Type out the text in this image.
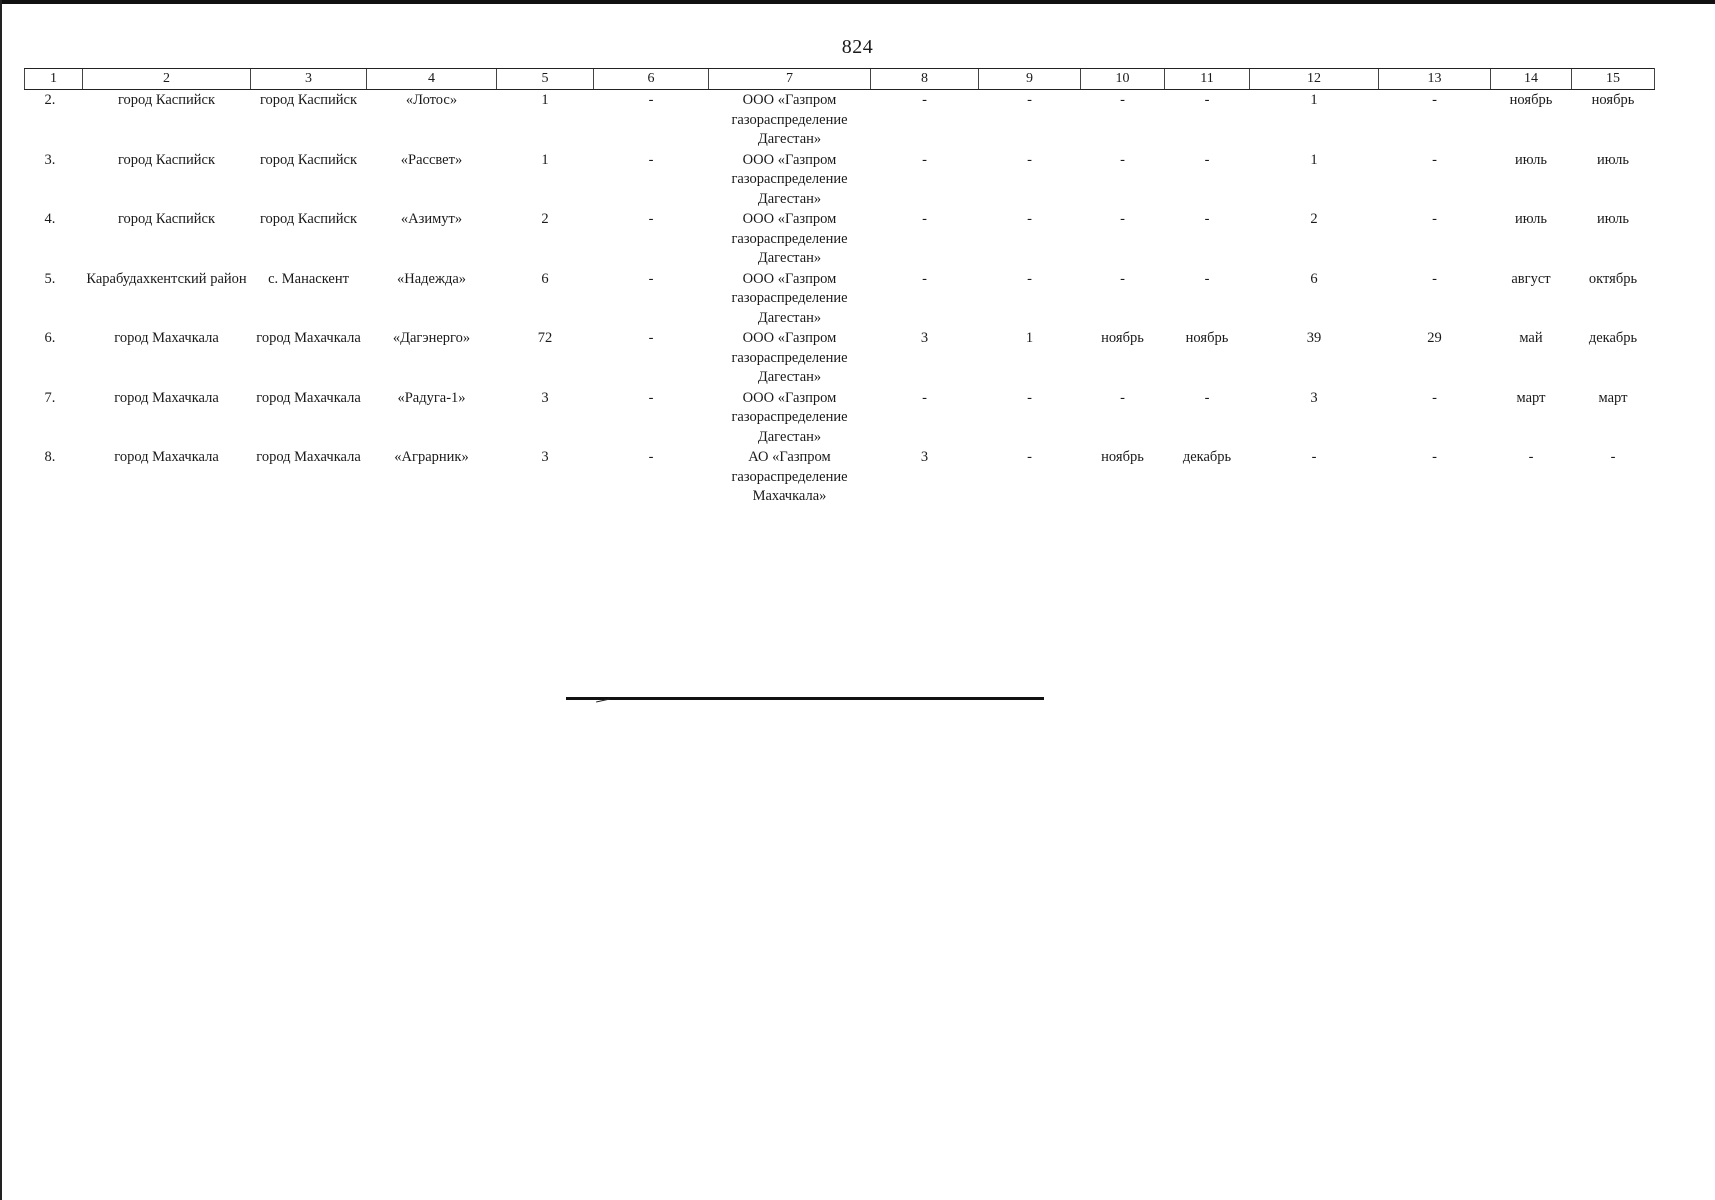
824
1	2	3	4	5	6	7	8	9	10	11	12	13	14	15
2.	город Каспийск	город Каспийск	«Лотос»	1	-	ООО «Газпром газораспределение Дагестан»	-	-	-	-	1	-	ноябрь	ноябрь
3.	город Каспийск	город Каспийск	«Рассвет»	1	-	ООО «Газпром газораспределение Дагестан»	-	-	-	-	1	-	июль	июль
4.	город Каспийск	город Каспийск	«Азимут»	2	-	ООО «Газпром газораспределение Дагестан»	-	-	-	-	2	-	июль	июль
5.	Карабудахкентский район	с. Манаскент	«Надежда»	6	-	ООО «Газпром газораспределение Дагестан»	-	-	-	-	6	-	август	октябрь
6.	город Махачкала	город Махачкала	«Дагэнерго»	72	-	ООО «Газпром газораспределение Дагестан»	3	1	ноябрь	ноябрь	39	29	май	декабрь
7.	город Махачкала	город Махачкала	«Радуга-1»	3	-	ООО «Газпром газораспределение Дагестан»	-	-	-	-	3	-	март	март
8.	город Махачкала	город Махачкала	«Аграрник»	3	-	АО «Газпром газораспределение Махачкала»	3	-	ноябрь	декабрь	-	-	-	-
